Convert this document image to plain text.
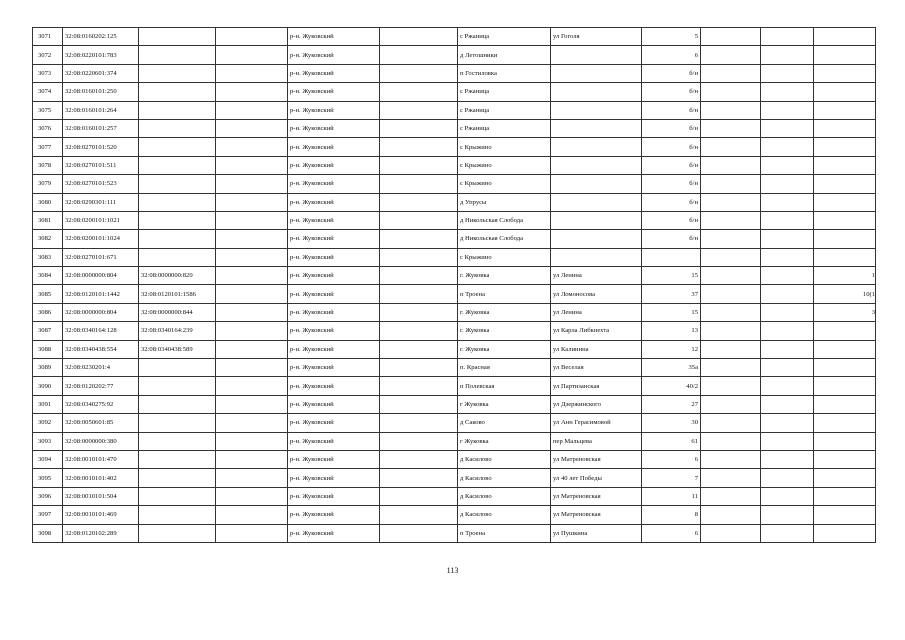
3071	32:08:0160202:125			р-н. Жуковский		с Ржаница	ул Гоголя	5			
3072	32:08:0220101:783			р-н. Жуковский		д Летошники		6			
3073	32:08:0220601:374			р-н. Жуковский		п Гостиловка		б/н			
3074	32:08:0160101:250			р-н. Жуковский		с Ржаница		б/н			
3075	32:08:0160101:264			р-н. Жуковский		с Ржаница		б/н			
3076	32:08:0160101:257			р-н. Жуковский		с Ржаница		б/н			
3077	32:08:0270101:520			р-н. Жуковский		с Крыжино		б/н			
3078	32:08:0270101:511			р-н. Жуковский		с Крыжино		б/н			
3079	32:08:0270101:523			р-н. Жуковский		с Крыжино		б/н			
3080	32:08:0290301:111			р-н. Жуковский		д Упрусы		б/н			
3081	32:08:0200101:1021			р-н. Жуковский		д Никольская Слобода		б/н			
3082	32:08:0200101:1024			р-н. Жуковский		д Никольская Слобода		б/н			
3083	32:08:0270101:671			р-н. Жуковский		с Крыжино					
3084	32:08:0000000:804	32:08:0000000:820		р-н. Жуковский		г. Жуковка	ул Ленина	15			1
3085	32:08:0120101:1442	32:08:0120101:1586		р-н. Жуковский		п Троена	ул Ломоносова	37			10(1
3086	32:08:0000000:804	32:08:0000000:844		р-н. Жуковский		г. Жуковка	ул Ленина	15			3
3087	32:08:0340164:128	32:08:0340164:239		р-н. Жуковский		г. Жуковка	ул Карла Либкнехта	13			
3088	32:08:0340438:554	32:08:0340438:589		р-н. Жуковский		г. Жуковка	ул Калинина	12			
3089	32:08:0230201:4			р-н. Жуковский		п. Красная	ул Веселая	35а			
3090	32:08:0120202:77			р-н. Жуковский		п Полевская	ул Партизанская	40/2			
3091	32:08:0340275:92			р-н. Жуковский		г Жуковка	ул Дзержинского	27			
3092	32:08:0050601:85			р-н. Жуковский		д Саково	ул Анн Герасимовой	30			
3093	32:08:0000000:380			р-н. Жуковский		г Жуковка	пер Мальцева	61			
3094	32:08:0010101:470			р-н. Жуковский		д Касилово	ул Матреновская	6			
3095	32:08:0010101:402			р-н. Жуковский		д Касилово	ул 40 лет Победы	7			
3096	32:08:0010101:504			р-н. Жуковский		д Касилово	ул Матреновская	11			
3097	32:08:0010101:469			р-н. Жуковский		д Касилово	ул Матреновская	8			
3098	32:08:0120102:289			р-н. Жуковский		п Троена	ул Пушкина	6			
113
